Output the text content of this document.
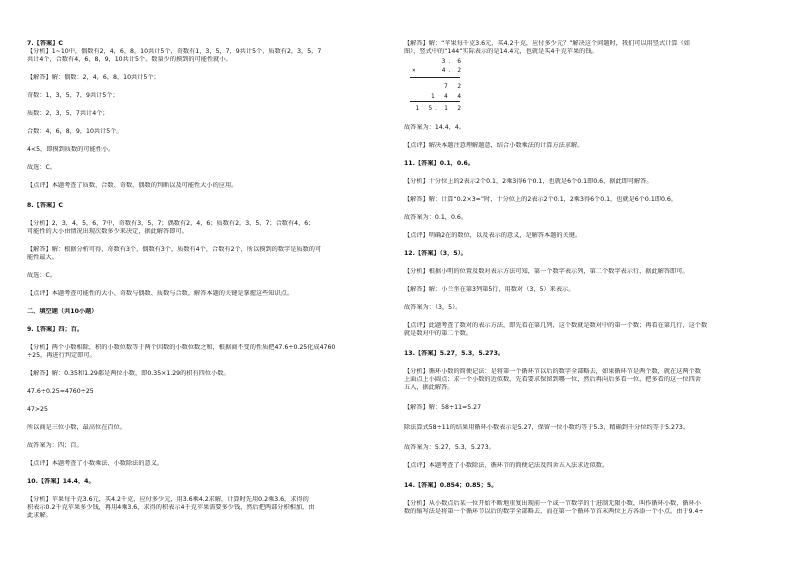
7.【答案】C
【分析】1~10中，偶数有2，4，6，8，10共计5个，奇数有1，3，5，7，9共计5个，质数有2，3，5，7
共计4个，合数有4，6，8，9，10共计5个。数量少的摸到的可能性就小。
【解答】解：偶数：2，4，6，8，10共计5个；
奇数：1，3，5，7，9共计5个；
质数：2，3，5，7共计4个；
合数：4，6，8，9，10共计5个。
4<5，即摸到质数的可能性小。
故选：C。
【点评】本题考查了质数、合数、奇数、偶数的判断以及可能性大小的应用。
8.【答案】C
【分析】2，3，4，5，6，7中，奇数有3，5，7；偶数有2，4，6；质数有2，3，5，7；合数有4，6；
可能性的大小由情况出现次数多少来决定，据此解答即可。
【解答】解：根据分析可得，奇数有3个，偶数有3个，质数有4个，合数有2个，所以摸到的数字是质数的可
能性最大。
故选：C。
【点评】本题考查可能性的大小、奇数与偶数、质数与合数，解答本题的关键是掌握这些知识点。
二、填空题（共10小题）
9.【答案】四；百。
【分析】两个小数相除，积的小数位数等于两个因数的小数位数之和，根据商不变的性质把47.6÷0.25化成4760
÷25，再进行判定即可。
【解答】解：0.35和1.29都是两位小数，即0.35×1.29的积有四位小数。
47.6÷0.25=4760÷25
47>25
所以商是三位小数，最高位在百位。
故答案为：四；百。
【点评】本题考查了小数乘法、小数除法的意义。
10.【答案】14.4，4。
【分析】苹果每千克3.6元，买4.2千克，应付多少元，用3.6乘4.2求解，计算时先用0.2乘3.6，求得的
积表示0.2千克苹果多少钱，再用4乘3.6，求得的积表示4千克苹果需要多少钱，然后把两部分积相加，由
此求解。
【解答】解：“苹果每千克3.6元，买4.2千克，应付多少元？”解决这个问题时，我们可以用竖式计算（如
图），竖式中的“144”实际表示的是14.4元，也就是买4千克苹果的钱。
3．6
4．2
7 2
1 4 4
1 5．1 2
×
故答案为：14.4，4。
【点评】解决本题注意理解题意，结合小数乘法的计算方法求解。
11.【答案】0.1，0.6。
【分析】十分位上的2表示2个0.1，2乘3得6个0.1，也就是6个0.1即0.6，据此即可解答。
【解答】解：计算“0.2×3=”时，十分位上的2表示2个0.1，2乘3得6个0.1，也就是6个0.1即0.6。
故答案为：0.1，0.6。
【点评】明确2在的数位，以及表示的意义，是解答本题的关键。
12.【答案】（3，5）。
【分析】根据小明的位置及数对表示方法可知，第一个数字表示列，第二个数字表示行，据此解答即可。
【解答】解：小兰坐在第3列第5行，用数对（3，5）来表示。
故答案为：（3，5）。
【点评】此题考查了数对的表示方法，即先看在第几列，这个数就是数对中的第一个数；再看在第几行，这个数
就是数对中的第二个数。
13.【答案】5.27，5.3，5.273。
【分析】循环小数的简便记法：是将第一个循环节以后的数字全部略去，如果循环节是两个数，就在这两个数
上面点上小圆点；求一个小数的近似数，先看要求保留到哪一位，然后再向后多看一位，把多看的这一位四舍
五入，据此解答。
【解答】解：58÷11=5.27
除法算式58÷11的结果用循环小数表示是5.27，保留一位小数约等于5.3，精确到千分位约等于5.273。
故答案为：5.27，5.3，5.273。
【点评】本题考查了小数除法、循环节的简便记法及四舍五入法求近似数。
14.【答案】0.854；0.85；5。
【分析】从小数点后某一位开始不断地重复出现前一个或一节数字的十进制无限小数，叫作循环小数，循环小
数的缩写法是将第一个循环节以后的数字全部略去，而在第一个循环节首末两位上方各添一个小点。由于9.4÷
